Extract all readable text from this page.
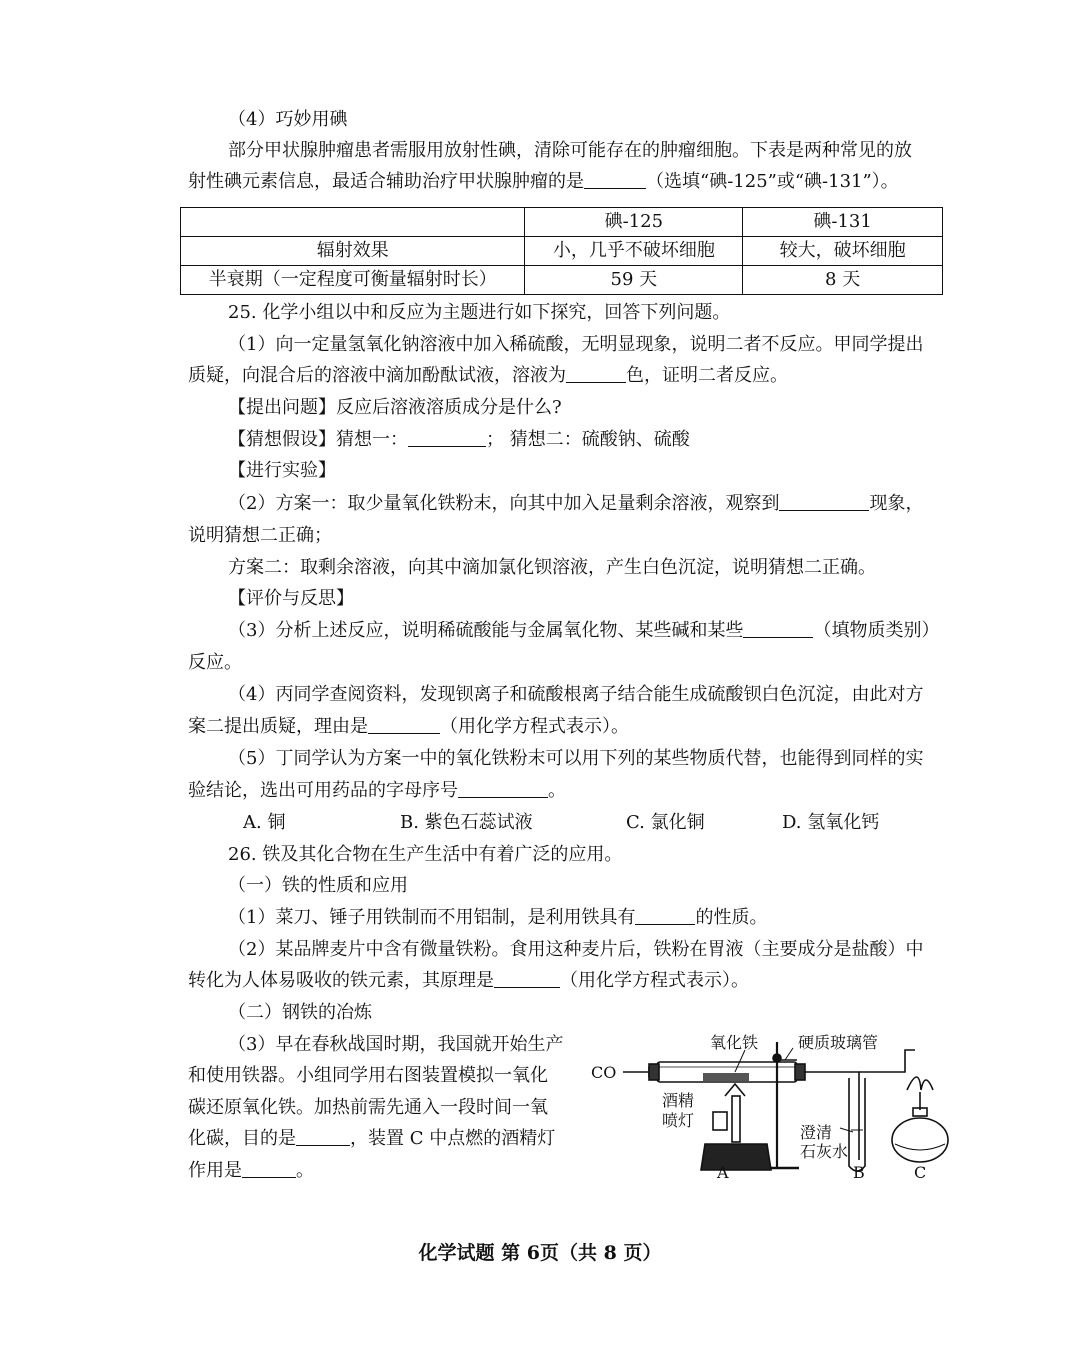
（4）巧妙用碘
部分甲状腺肿瘤患者需服用放射性碘，清除可能存在的肿瘤细胞。下表是两种常见的放
射性碘元素信息，最适合辅助治疗甲状腺肿瘤的是	（选填“碘-125”或“碘-131”）。
	碘-125	碘-131
辐射效果	小，几乎不破坏细胞	较大，破坏细胞
半衰期（一定程度可衡量辐射时长）	59 天	8 天
25. 化学小组以中和反应为主题进行如下探究，回答下列问题。
（1）向一定量氢氧化钠溶液中加入稀硫酸，无明显现象，说明二者不反应。甲同学提出
质疑，向混合后的溶液中滴加酚酞试液，溶液为	色，证明二者反应。
【提出问题】反应后溶液溶质成分是什么?
【猜想假设】猜想一：	； 猜想二：硫酸钠、硫酸
【进行实验】
（2）方案一：取少量氧化铁粉末，向其中加入足量剩余溶液，观察到	现象，
说明猜想二正确；
方案二：取剩余溶液，向其中滴加氯化钡溶液，产生白色沉淀，说明猜想二正确。
【评价与反思】
（3）分析上述反应，说明稀硫酸能与金属氧化物、某些碱和某些	（填物质类别）
反应。
（4）丙同学查阅资料，发现钡离子和硫酸根离子结合能生成硫酸钡白色沉淀，由此对方
案二提出质疑，理由是	（用化学方程式表示）。
（5）丁同学认为方案一中的氧化铁粉末可以用下列的某些物质代替，也能得到同样的实
验结论，选出可用药品的字母序号	。
A. 铜	B. 紫色石蕊试液	C. 氯化铜	D. 氢氧化钙
26. 铁及其化合物在生产生活中有着广泛的应用。
（一）铁的性质和应用
（1）菜刀、锤子用铁制而不用铝制，是利用铁具有	的性质。
（2）某品牌麦片中含有微量铁粉。食用这种麦片后，铁粉在胃液（主要成分是盐酸）中
转化为人体易吸收的铁元素，其原理是	（用化学方程式表示）。
（二）钢铁的冶炼
（3）早在春秋战国时期，我国就开始生产
和使用铁器。小组同学用右图装置模拟一氧化
碳还原氧化铁。加热前需先通入一段时间一氧
化碳，目的是	，装置 C 中点燃的酒精灯
作用是	。
CO
氧化铁 硬质玻璃管
酒精
喷灯
澄清
石灰水
A	B	C
化学试题 第 6页（共 8 页）
